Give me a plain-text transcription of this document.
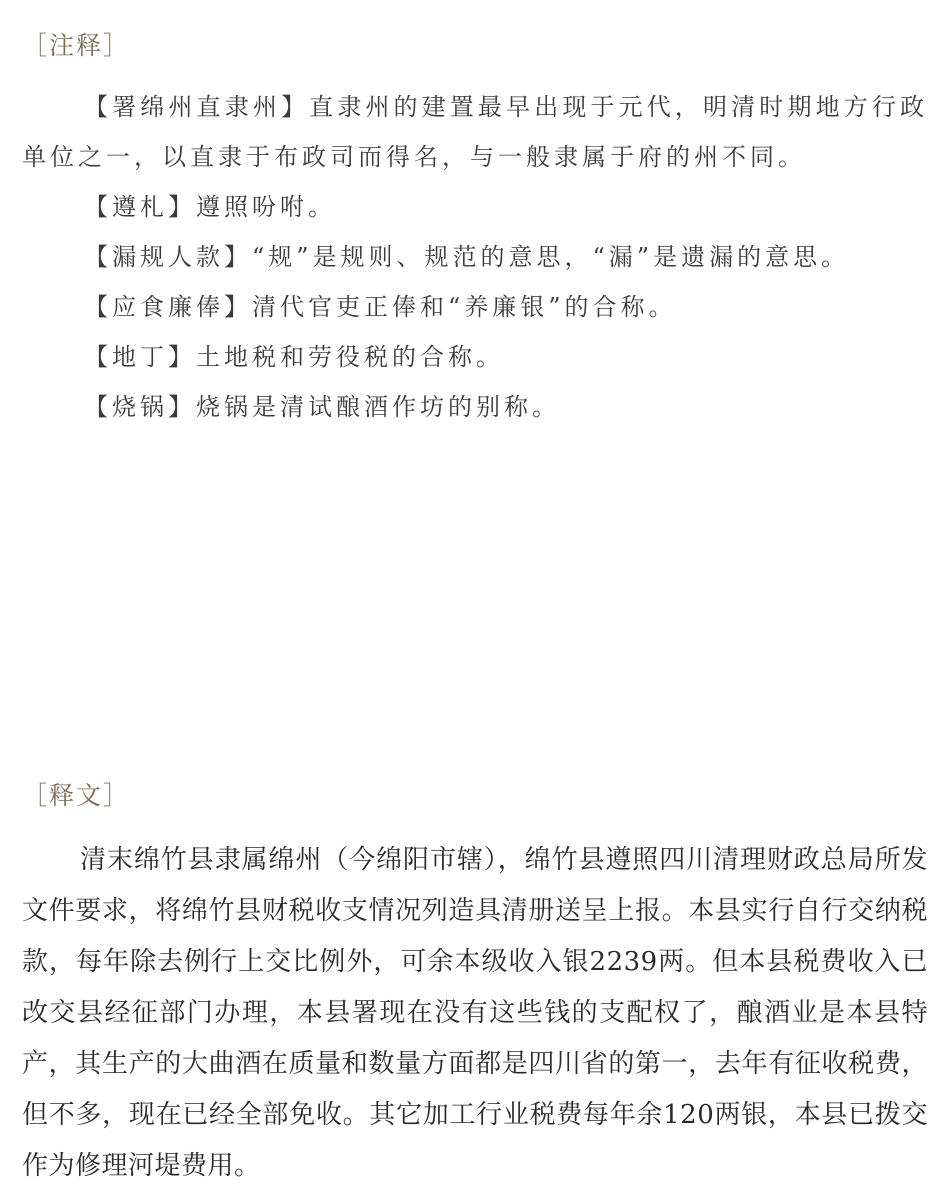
［注释］

【署绵州直隶州】直隶州的建置最早出现于元代，明清时期地方行政单位之一，以直隶于布政司而得名，与一般隶属于府的州不同。

【遵札】遵照吩咐。

【漏规人款】“规”是规则、规范的意思，“漏”是遗漏的意思。

【应食廉俸】清代官吏正俸和“养廉银”的合称。

【地丁】土地税和劳役税的合称。

【烧锅】烧锅是清试酿酒作坊的别称。

［释文］

清末绵竹县隶属绵州（今绵阳市辖），绵竹县遵照四川清理财政总局所发文件要求，将绵竹县财税收支情况列造具清册送呈上报。本县实行自行交纳税款，每年除去例行上交比例外，可余本级收入银2239两。但本县税费收入已改交县经征部门办理，本县署现在没有这些钱的支配权了，酿酒业是本县特产，其生产的大曲酒在质量和数量方面都是四川省的第一，去年有征收税费，但不多，现在已经全部免收。其它加工行业税费每年余120两银，本县已拨交作为修理河堤费用。
